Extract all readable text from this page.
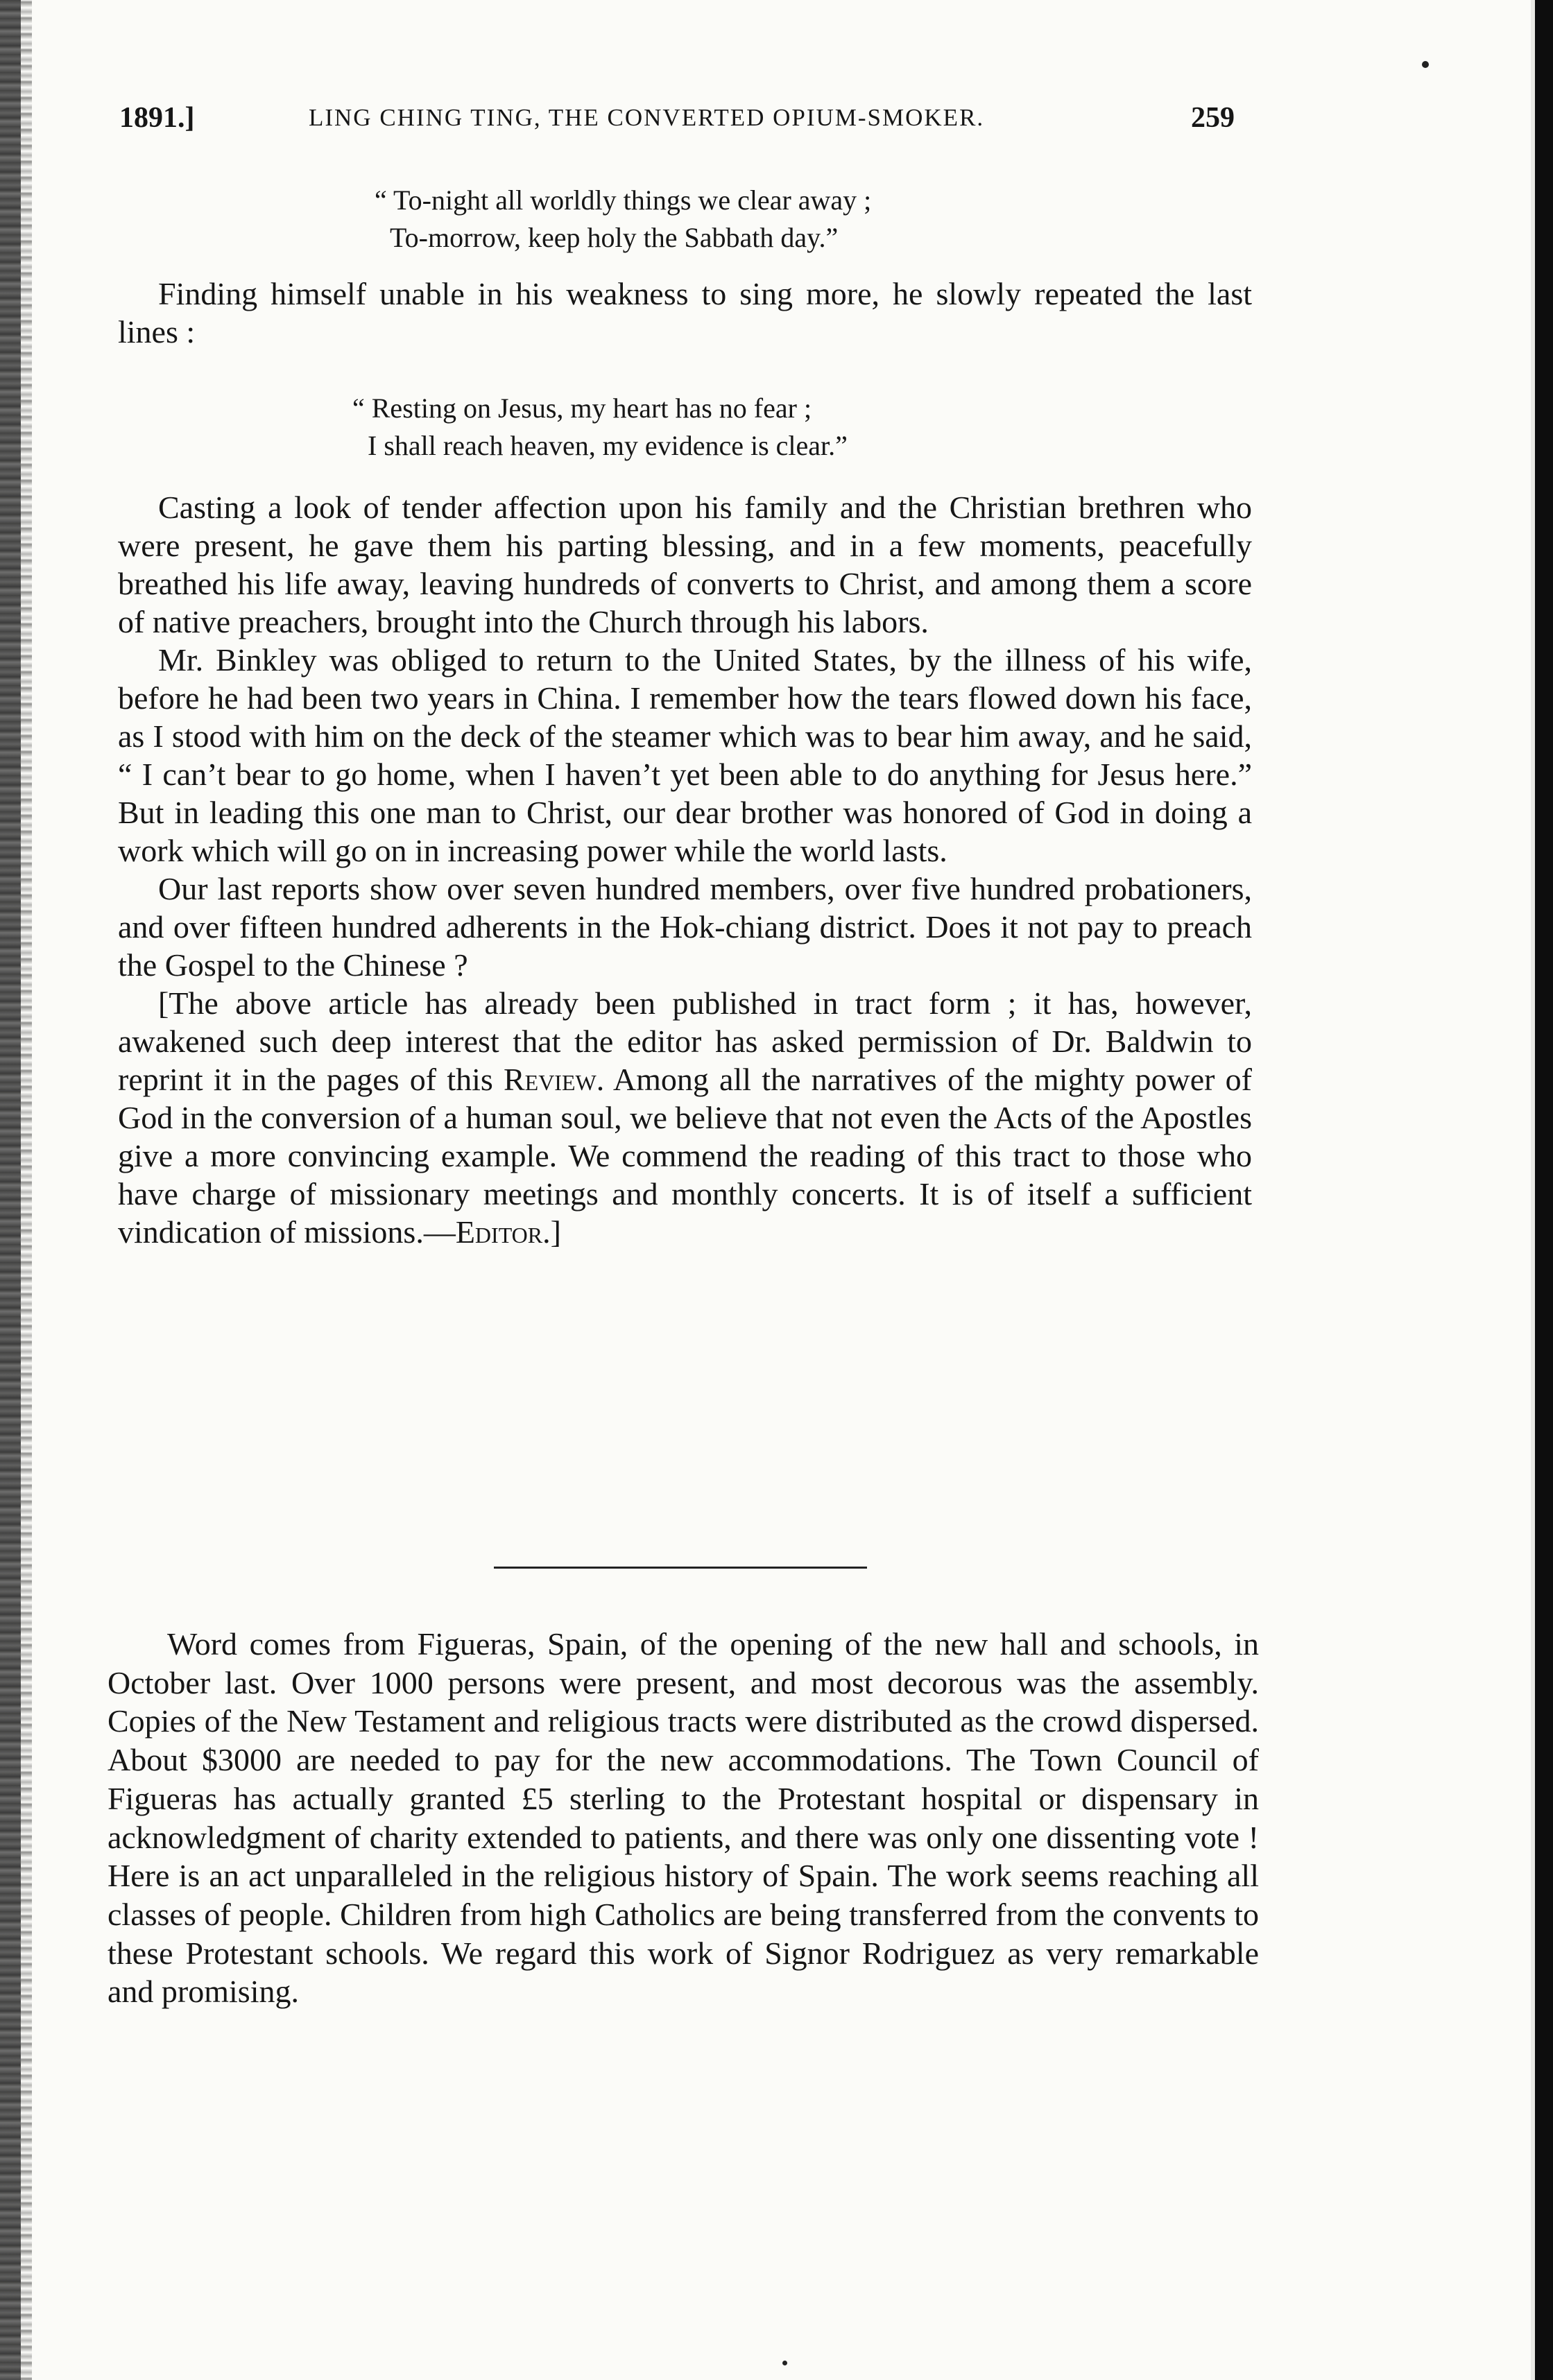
1891.]	LING CHING TING, THE CONVERTED OPIUM-SMOKER.	259
“ To-night all worldly things we clear away ;
To-morrow, keep holy the Sabbath day.”

Finding himself unable in his weakness to sing more, he slowly repeated the last lines :

“ Resting on Jesus, my heart has no fear ;
I shall reach heaven, my evidence is clear.”

Casting a look of tender affection upon his family and the Christian brethren who were present, he gave them his parting blessing, and in a few moments, peacefully breathed his life away, leaving hundreds of converts to Christ, and among them a score of native preachers, brought into the Church through his labors.

Mr. Binkley was obliged to return to the United States, by the illness of his wife, before he had been two years in China. I remember how the tears flowed down his face, as I stood with him on the deck of the steamer which was to bear him away, and he said, “ I can’t bear to go home, when I haven’t yet been able to do anything for Jesus here.” But in leading this one man to Christ, our dear brother was honored of God in doing a work which will go on in increasing power while the world lasts.

Our last reports show over seven hundred members, over five hundred probationers, and over fifteen hundred adherents in the Hok-chiang district. Does it not pay to preach the Gospel to the Chinese ?

[The above article has already been published in tract form ; it has, however, awakened such deep interest that the editor has asked permission of Dr. Baldwin to reprint it in the pages of this Review. Among all the narratives of the mighty power of God in the conversion of a human soul, we believe that not even the Acts of the Apostles give a more convincing example. We commend the reading of this tract to those who have charge of missionary meetings and monthly concerts. It is of itself a sufficient vindication of missions.—Editor.]

Word comes from Figueras, Spain, of the opening of the new hall and schools, in October last. Over 1000 persons were present, and most decorous was the assembly. Copies of the New Testament and religious tracts were distributed as the crowd dispersed. About $3000 are needed to pay for the new accommodations. The Town Council of Figueras has actually granted £5 sterling to the Protestant hospital or dispensary in acknowledgment of charity extended to patients, and there was only one dissenting vote ! Here is an act unparalleled in the religious history of Spain. The work seems reaching all classes of people. Children from high Catholics are being transferred from the convents to these Protestant schools. We regard this work of Signor Rodriguez as very remarkable and promising.
